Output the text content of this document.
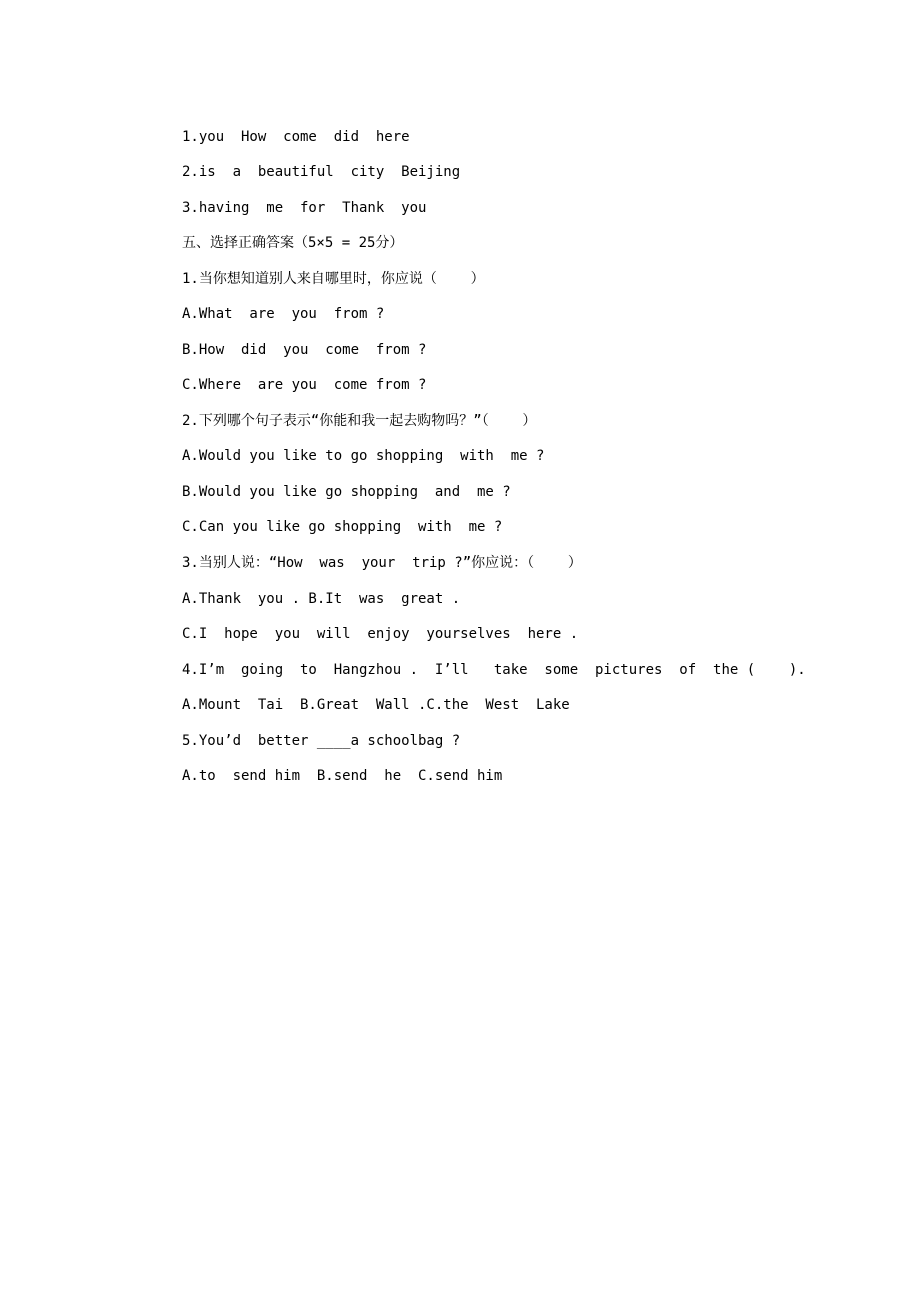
1.you  How  come  did  here
2.is  a  beautiful  city  Beijing
3.having  me  for  Thank  you
五、选择正确答案（5×5 = 25分）
1.当你想知道别人来自哪里时，你应说（    ）
A.What  are  you  from ?
B.How  did  you  come  from ?
C.Where  are you  come from ?
2.下列哪个句子表示“你能和我一起去购物吗？”（    ）
A.Would you like to go shopping  with  me ?
B.Would you like go shopping  and  me ?
C.Can you like go shopping  with  me ?
3.当别人说：“How  was  your  trip ?”你应说：（    ）
A.Thank  you . B.It  was  great .
C.I  hope  you  will  enjoy  yourselves  here .
4.I’m  going  to  Hangzhou .  I’ll   take  some  pictures  of  the (    ).
A.Mount  Tai  B.Great  Wall .C.the  West  Lake
5.You’d  better ____a schoolbag ?
A.to  send him  B.send  he  C.send him
